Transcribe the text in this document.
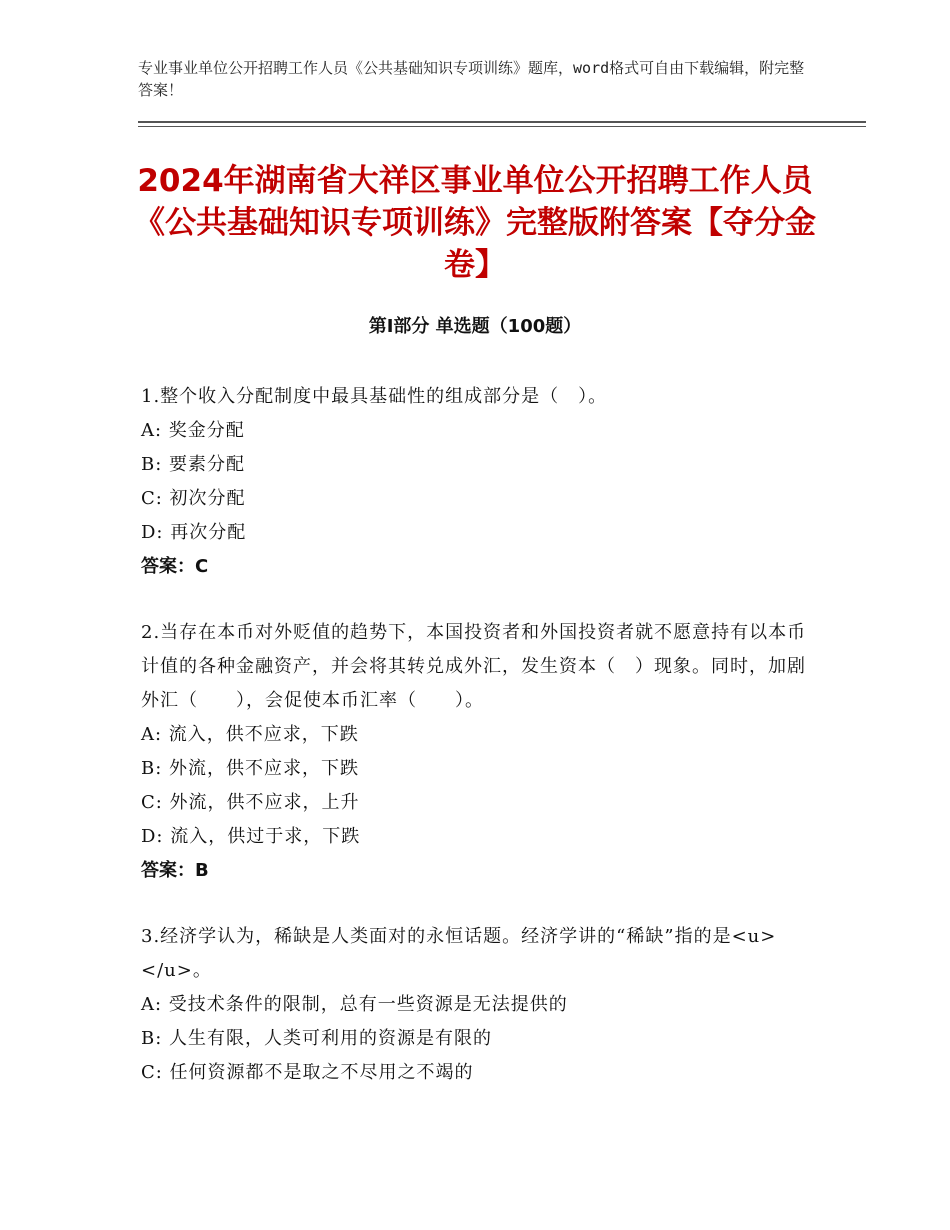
专业事业单位公开招聘工作人员《公共基础知识专项训练》题库，word格式可自由下载编辑，附完整答案！
2024年湖南省大祥区事业单位公开招聘工作人员《公共基础知识专项训练》完整版附答案【夺分金卷】
第I部分 单选题（100题）
1.整个收入分配制度中最具基础性的组成部分是（　）。
A: 奖金分配
B: 要素分配
C: 初次分配
D: 再次分配
答案：C
2.当存在本币对外贬值的趋势下，本国投资者和外国投资者就不愿意持有以本币计值的各种金融资产，并会将其转兑成外汇，发生资本（　）现象。同时，加剧外汇（　　），会促使本币汇率（　　）。
A: 流入，供不应求，下跌
B: 外流，供不应求，下跌
C: 外流，供不应求，上升
D: 流入，供过于求，下跌
答案：B
3.经济学认为，稀缺是人类面对的永恒话题。经济学讲的“稀缺”指的是<u>　　　</u>。
A: 受技术条件的限制，总有一些资源是无法提供的
B: 人生有限，人类可利用的资源是有限的
C: 任何资源都不是取之不尽用之不竭的
